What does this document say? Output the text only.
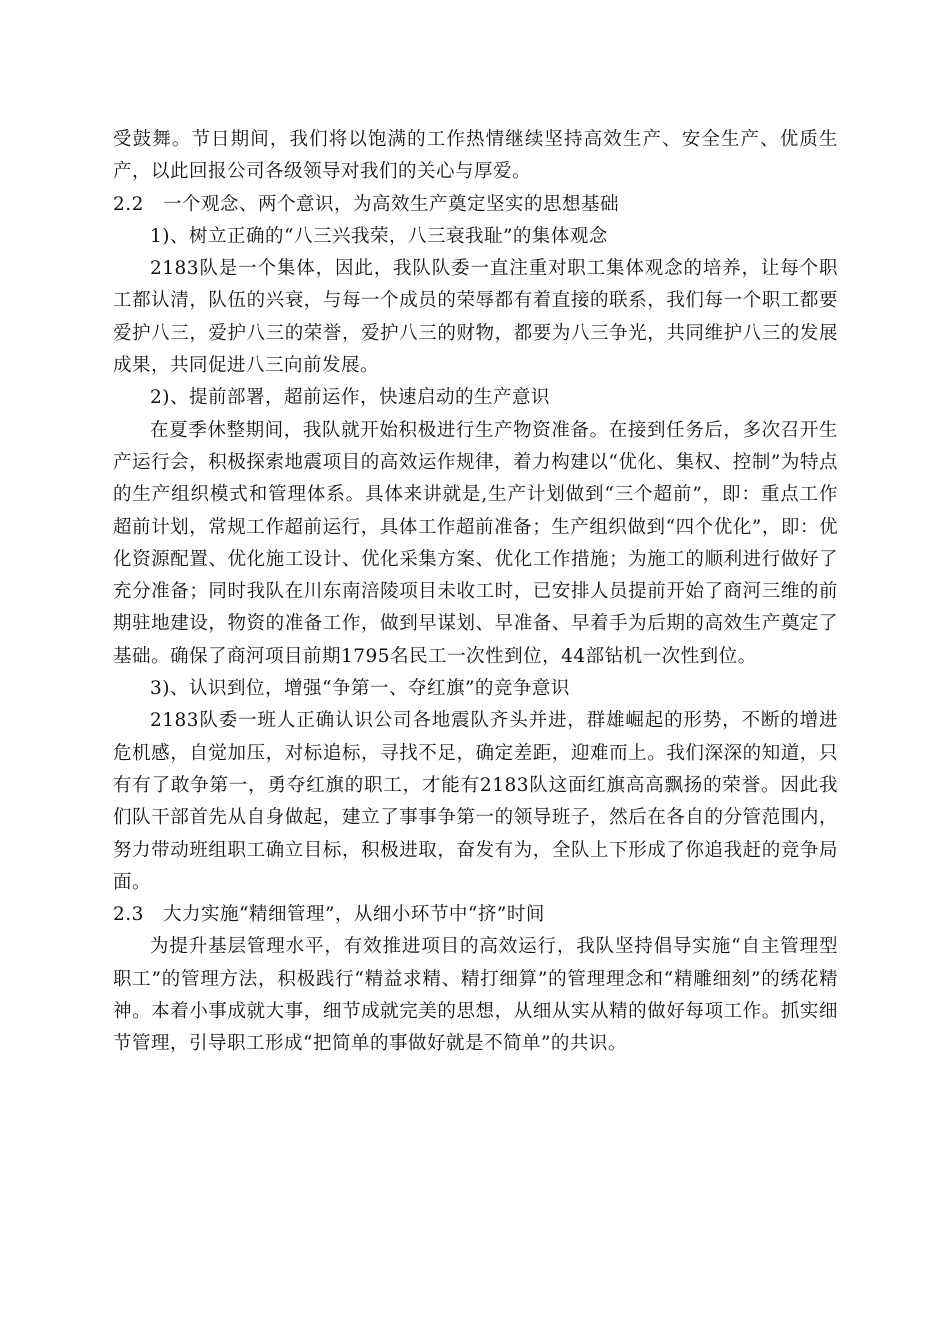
受鼓舞。节日期间，我们将以饱满的工作热情继续坚持高效生产、安全生产、优质生产，以此回报公司各级领导对我们的关心与厚爱。

2.2 一个观念、两个意识，为高效生产奠定坚实的思想基础

1)、树立正确的“八三兴我荣，八三衰我耻”的集体观念

2183队是一个集体，因此，我队队委一直注重对职工集体观念的培养，让每个职工都认清，队伍的兴衰，与每一个成员的荣辱都有着直接的联系，我们每一个职工都要爱护八三，爱护八三的荣誉，爱护八三的财物，都要为八三争光，共同维护八三的发展成果，共同促进八三向前发展。

2)、提前部署，超前运作，快速启动的生产意识

在夏季休整期间，我队就开始积极进行生产物资准备。在接到任务后，多次召开生产运行会，积极探索地震项目的高效运作规律，着力构建以“优化、集权、控制”为特点的生产组织模式和管理体系。具体来讲就是,生产计划做到“三个超前”，即：重点工作超前计划，常规工作超前运行，具体工作超前准备；生产组织做到“四个优化”，即：优化资源配置、优化施工设计、优化采集方案、优化工作措施；为施工的顺利进行做好了充分准备；同时我队在川东南涪陵项目未收工时，已安排人员提前开始了商河三维的前期驻地建设，物资的准备工作，做到早谋划、早准备、早着手为后期的高效生产奠定了基础。确保了商河项目前期1795名民工一次性到位，44部钻机一次性到位。

3)、认识到位，增强“争第一、夺红旗”的竞争意识

2183队委一班人正确认识公司各地震队齐头并进，群雄崛起的形势，不断的增进危机感，自觉加压，对标追标，寻找不足，确定差距，迎难而上。我们深深的知道，只有有了敢争第一，勇夺红旗的职工，才能有2183队这面红旗高高飘扬的荣誉。因此我们队干部首先从自身做起，建立了事事争第一的领导班子，然后在各自的分管范围内，努力带动班组职工确立目标，积极进取，奋发有为，全队上下形成了你追我赶的竞争局面。

2.3 大力实施“精细管理”，从细小环节中“挤”时间

为提升基层管理水平，有效推进项目的高效运行，我队坚持倡导实施“自主管理型职工”的管理方法，积极践行“精益求精、精打细算”的管理理念和“精雕细刻”的绣花精神。本着小事成就大事，细节成就完美的思想，从细从实从精的做好每项工作。抓实细节管理，引导职工形成“把简单的事做好就是不简单”的共识。
